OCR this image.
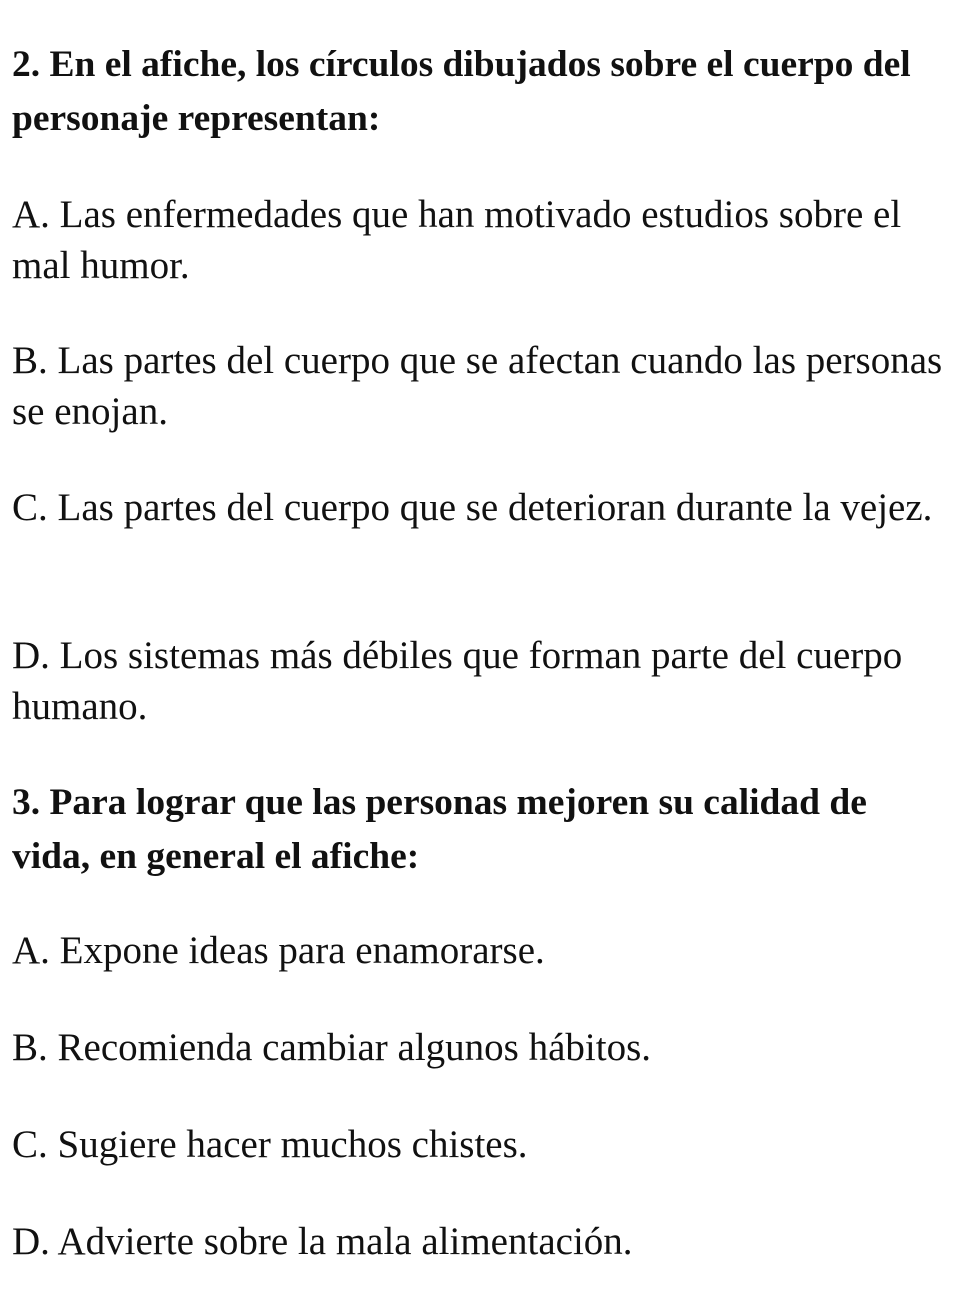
2. En el afiche, los círculos dibujados sobre el cuerpo del personaje representan:

A. Las enfermedades que han motivado estudios sobre el mal humor.

B. Las partes del cuerpo que se afectan cuando las personas se enojan.

C. Las partes del cuerpo que se deterioran durante la vejez.

D. Los sistemas más débiles que forman parte del cuerpo humano.

3. Para lograr que las personas mejoren su calidad de vida, en general el afiche:

A. Expone ideas para enamorarse.

B. Recomienda cambiar algunos hábitos.

C. Sugiere hacer muchos chistes.

D. Advierte sobre la mala alimentación.
